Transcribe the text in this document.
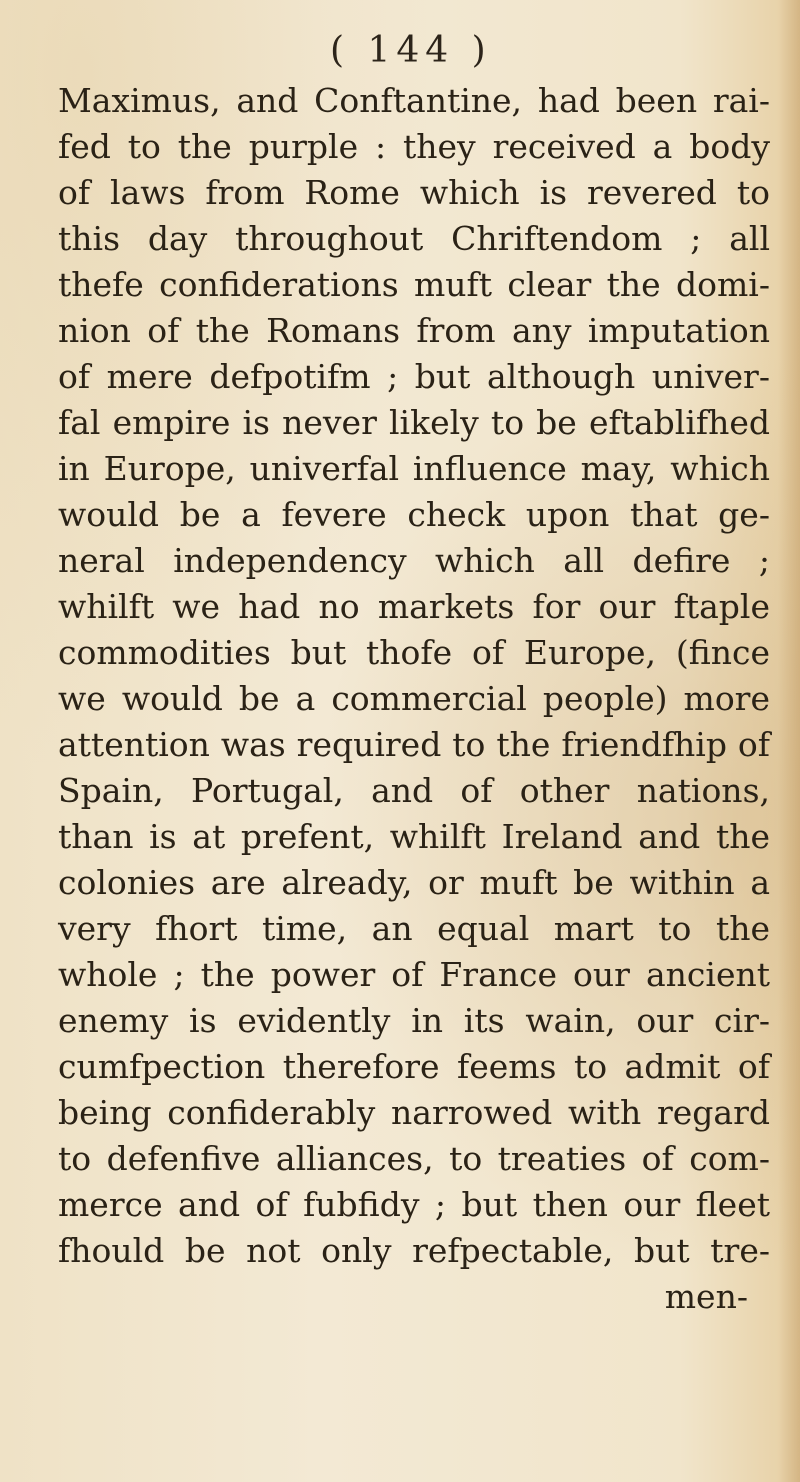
( 144 )
Maximus, and Conftantine, had been rai-
fed to the purple : they received a body
of laws from Rome which is revered to
this day throughout Chriftendom ; all
thefe confiderations muft clear the domi-
nion of the Romans from any imputation
of mere defpotifm ; but although univer-
fal empire is never likely to be eftablifhed
in Europe, univerfal influence may, which
would be a fevere check upon that ge-
neral independency which all defire ;
whilft we had no markets for our ftaple
commodities but thofe of Europe, (fince
we would be a commercial people) more
attention was required to the friendfhip of
Spain, Portugal, and of other nations,
than is at prefent, whilft Ireland and the
colonies are already, or muft be within a
very fhort time, an equal mart to the
whole ; the power of France our ancient
enemy is evidently in its wain, our cir-
cumfpection therefore feems to admit of
being confiderably narrowed with regard
to defenfive alliances, to treaties of com-
merce and of fubfidy ; but then our fleet
fhould be not only refpectable, but tre-
men-
